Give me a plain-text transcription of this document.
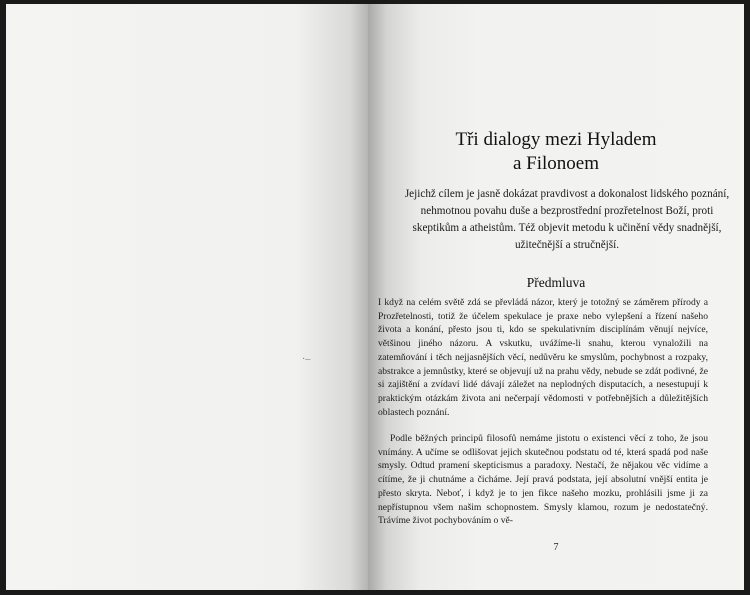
·–
Tři dialogy mezi Hyladem
a Filonoem
Jejichž cílem je jasně dokázat pravdivost a dokonalost lidského poznání, nehmotnou povahu duše a bezprostřední prozřetelnost Boží, proti skeptikům a atheistům. Též objevit metodu k učinění vědy snadnější, užitečnější a stručnější.
Předmluva
I když na celém světě zdá se převládá názor, který je totožný se záměrem přírody a Prozřetelnosti, totiž že účelem spekulace je praxe nebo vylepšení a řízení našeho života a konání, přesto jsou ti, kdo se spekulativním disciplínám věnují nejvíce, většinou jiného názoru. A vskutku, uvážíme-li snahu, kterou vynaložili na zatemňování i těch nejjasnějších věcí, nedůvěru ke smyslům, pochybnost a rozpaky, abstrakce a jemnůstky, které se objevují už na prahu vědy, nebude se zdát podivné, že si zajištění a zvídaví lidé dávají záležet na neplodných disputacích, a nesestupují k praktickým otázkám života ani nečerpají vědomosti v potřebnějších a důležitějších oblastech poznání.
Podle běžných principů filosofů nemáme jistotu o existenci věcí z toho, že jsou vnímány. A učíme se odlišovat jejich skutečnou podstatu od té, která spadá pod naše smysly. Odtud pramení skepticismus a paradoxy. Nestačí, že nějakou věc vidíme a cítíme, že ji chutnáme a čicháme. Její pravá podstata, její absolutní vnější entita je přesto skryta. Neboť, i když je to jen fikce našeho mozku, prohlásili jsme ji za nepřístupnou všem našim schopnostem. Smysly klamou, rozum je nedostatečný. Trávíme život pochybováním o vě-
7
